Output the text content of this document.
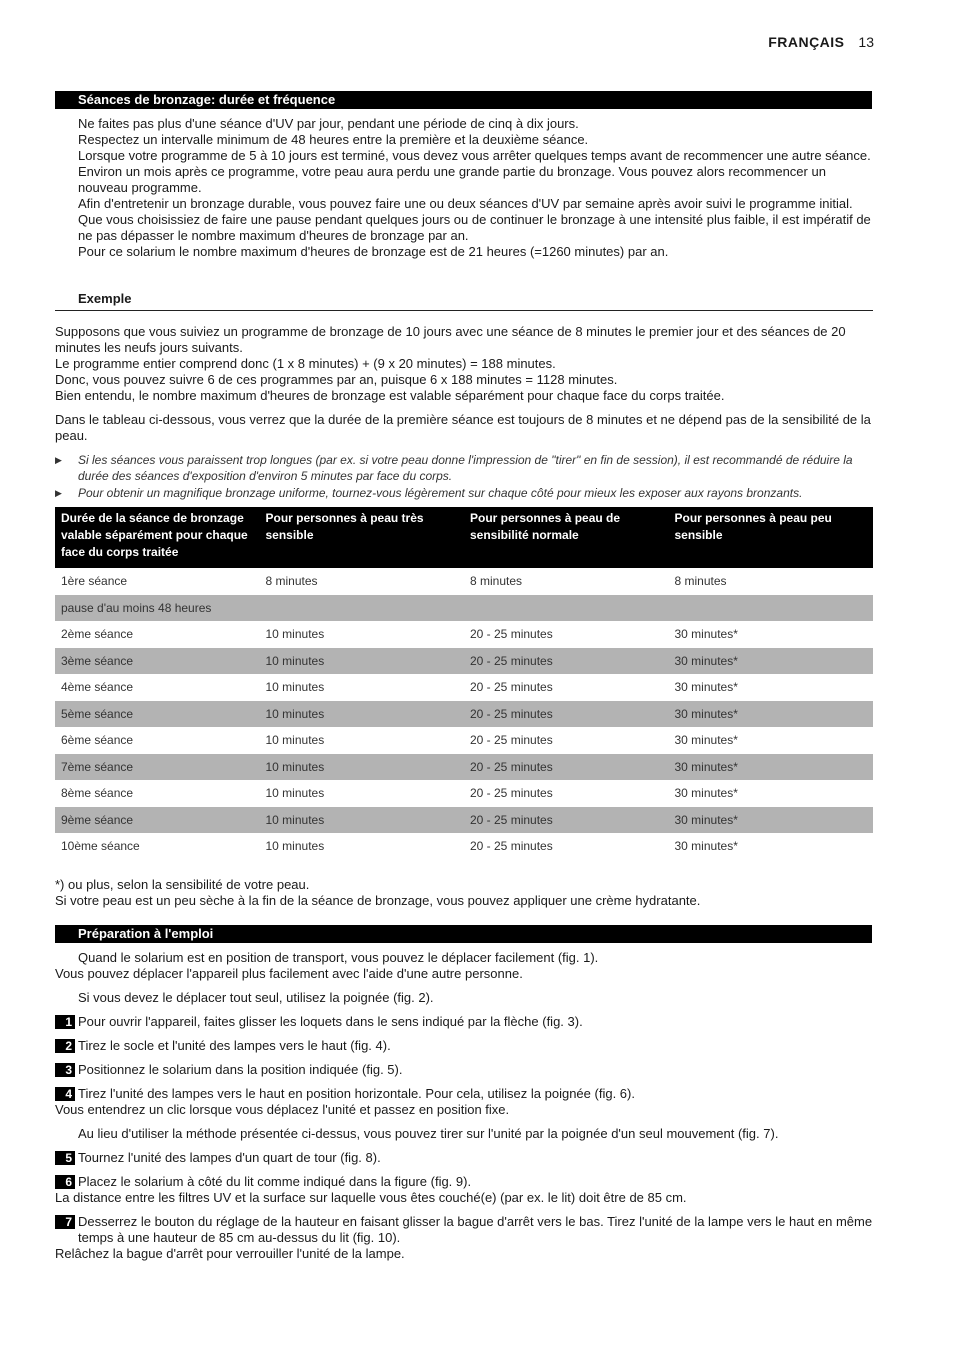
FRANÇAIS 13
Séances de bronzage: durée et fréquence

Ne faites pas plus d'une séance d'UV par jour, pendant une période de cinq à dix jours.

Respectez un intervalle minimum de 48 heures entre la première et la deuxième séance.

Lorsque votre programme de 5 à 10 jours est terminé, vous devez vous arrêter quelques temps avant de recommencer une autre séance.

Environ un mois après ce programme, votre peau aura perdu une grande partie du bronzage. Vous pouvez alors recommencer un nouveau programme.

Afin d'entretenir un bronzage durable, vous pouvez faire une ou deux séances d'UV par semaine après avoir suivi le programme initial. Que vous choisissiez de faire une pause pendant quelques jours ou de continuer le bronzage à une intensité plus faible, il est impératif de ne pas dépasser le nombre maximum d'heures de bronzage par an.

Pour ce solarium le nombre maximum d'heures de bronzage est de 21 heures (=1260 minutes) par an.

Exemple

Supposons que vous suiviez un programme de bronzage de 10 jours avec une séance de 8 minutes le premier jour et des séances de 20 minutes les neufs jours suivants.

Le programme entier comprend donc (1 x 8 minutes) + (9 x 20 minutes) = 188 minutes.

Donc, vous pouvez suivre 6 de ces programmes par an, puisque 6 x 188 minutes = 1128 minutes.

Bien entendu, le nombre maximum d'heures de bronzage est valable séparément pour chaque face du corps traitée.

Dans le tableau ci-dessous, vous verrez que la durée de la première séance est toujours de 8 minutes et ne dépend pas de la sensibilité de la peau.

▶ Si les séances vous paraissent trop longues (par ex. si votre peau donne l'impression de "tirer" en fin de session), il est recommandé de réduire la durée des séances d'exposition d'environ 5 minutes par face du corps.
▶ Pour obtenir un magnifique bronzage uniforme, tournez-vous légèrement sur chaque côté pour mieux les exposer aux rayons bronzants.
Durée de la séance de bronzage valable séparément pour chaque face du corps traitée	Pour personnes à peau très sensible	Pour personnes à peau de sensibilité normale	Pour personnes à peau peu sensible
1ère séance	8 minutes	8 minutes	8 minutes
pause d'au moins 48 heures			
2ème séance	10 minutes	20 - 25 minutes	30 minutes*
3ème séance	10 minutes	20 - 25 minutes	30 minutes*
4ème séance	10 minutes	20 - 25 minutes	30 minutes*
5ème séance	10 minutes	20 - 25 minutes	30 minutes*
6ème séance	10 minutes	20 - 25 minutes	30 minutes*
7ème séance	10 minutes	20 - 25 minutes	30 minutes*
8ème séance	10 minutes	20 - 25 minutes	30 minutes*
9ème séance	10 minutes	20 - 25 minutes	30 minutes*
10ème séance	10 minutes	20 - 25 minutes	30 minutes*

*) ou plus, selon la sensibilité de votre peau.

Si votre peau est un peu sèche à la fin de la séance de bronzage, vous pouvez appliquer une crème hydratante.

Préparation à l'emploi

Quand le solarium est en position de transport, vous pouvez le déplacer facilement (fig. 1).

Vous pouvez déplacer l'appareil plus facilement avec l'aide d'une autre personne.

Si vous devez le déplacer tout seul, utilisez la poignée (fig. 2).
1 Pour ouvrir l'appareil, faites glisser les loquets dans le sens indiqué par la flèche (fig. 3).
2 Tirez le socle et l'unité des lampes vers le haut (fig. 4).
3 Positionnez le solarium dans la position indiquée (fig. 5).
4 Tirez l'unité des lampes vers le haut en position horizontale. Pour cela, utilisez la poignée (fig. 6).
Vous entendrez un clic lorsque vous déplacez l'unité et passez en position fixe.
Au lieu d'utiliser la méthode présentée ci-dessus, vous pouvez tirer sur l'unité par la poignée d'un seul mouvement (fig. 7).
5 Tournez l'unité des lampes d'un quart de tour (fig. 8).
6 Placez le solarium à côté du lit comme indiqué dans la figure (fig. 9).
La distance entre les filtres UV et la surface sur laquelle vous êtes couché(e) (par ex. le lit) doit être de 85 cm.
7 Desserrez le bouton du réglage de la hauteur en faisant glisser la bague d'arrêt vers le bas. Tirez l'unité de la lampe vers le haut en même temps à une hauteur de 85 cm au-dessus du lit (fig. 10).
Relâchez la bague d'arrêt pour verrouiller l'unité de la lampe.
